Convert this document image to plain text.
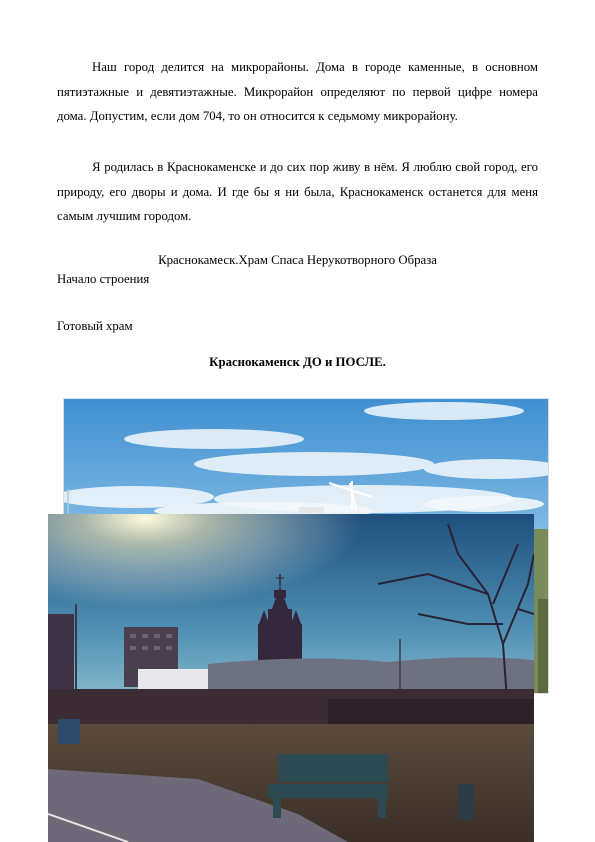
Наш город делится на микрорайоны. Дома в городе каменные, в основном пятиэтажные и девятиэтажные. Микрорайон определяют по первой цифре номера дома. Допустим, если дом 704, то он относится к седьмому микрорайону.

Я родилась в Краснокаменске и до сих пор живу в нём. Я люблю свой город, его природу, его дворы и дома. И где бы я ни была, Краснокаменск останется для меня самым лучшим городом.

Краснокамеск.Храм Спаса Нерукотворного Образа
Начало строения
Готовый храм
Краснокаменск ДО и ПОСЛЕ.
